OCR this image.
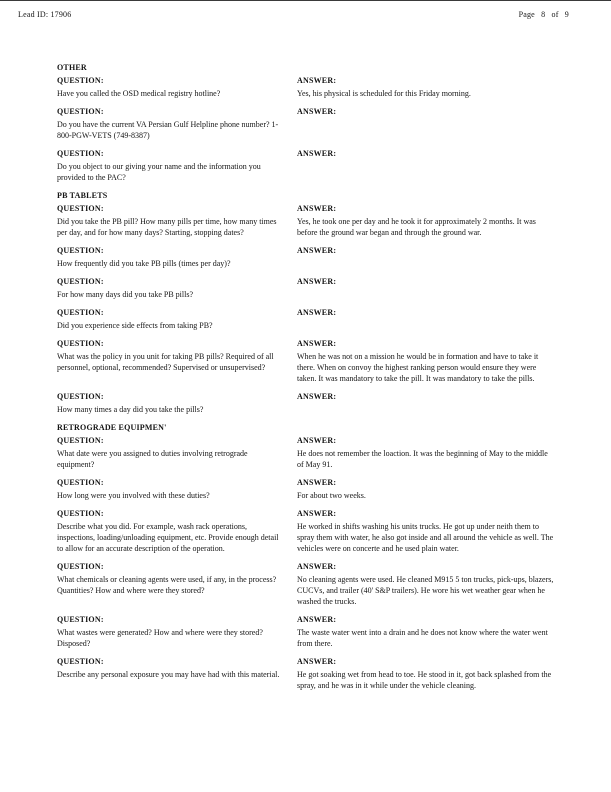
Lead ID: 17906	Page 8 of 9
OTHER
QUESTION:
Have you called the OSD medical registry hotline?
ANSWER:
Yes, his physical is scheduled for this Friday morning.
QUESTION:
Do you have the current VA Persian Gulf Helpline phone number? 1-800-PGW-VETS (749-8387)
ANSWER:
QUESTION:
Do you object to our giving your name and the information you provided to the PAC?
ANSWER:
PB TABLETS
QUESTION:
Did you take the PB pill? How many pills per time, how many times per day, and for how many days? Starting, stopping dates?
ANSWER:
Yes, he took one per day and he took it for approximately 2 months. It was before the ground war began and through the ground war.
QUESTION:
How frequently did you take PB pills (times per day)?
ANSWER:
QUESTION:
For how many days did you take PB pills?
ANSWER:
QUESTION:
Did you experience side effects from taking PB?
ANSWER:
QUESTION:
What was the policy in you unit for taking PB pills? Required of all personnel, optional, recommended? Supervised or unsupervised?
ANSWER:
When he was not on a mission he would be in formation and have to take it there. When on convoy the highest ranking person would ensure they were taken. It was mandatory to take the pill. It was mandatory to take the pills.
QUESTION:
How many times a day did you take the pills?
ANSWER:
RETROGRADE EQUIPMEN'
QUESTION:
What date were you assigned to duties involving retrograde equipment?
ANSWER:
He does not remember the loaction. It was the beginning of May to the middle of May 91.
QUESTION:
How long were you involved with these duties?
ANSWER:
For about two weeks.
QUESTION:
Describe what you did. For example, wash rack operations, inspections, loading/unloading equipment, etc. Provide enough detail to allow for an accurate description of the operation.
ANSWER:
He worked in shifts washing his units trucks. He got up under neith them to spray them with water, he also got inside and all around the vehicle as well. The vehicles were on concerte and he used plain water.
QUESTION:
What chemicals or cleaning agents were used, if any, in the process? Quantities? How and where were they stored?
ANSWER:
No cleaning agents were used. He cleaned M915 5 ton trucks, pick-ups, blazers, CUCVs, and trailer (40' S&P trailers). He wore his wet weather gear when he washed the trucks.
QUESTION:
What wastes were generated? How and where were they stored? Disposed?
ANSWER:
The waste water went into a drain and he does not know where the water went from there.
QUESTION:
Describe any personal exposure you may have had with this material.
ANSWER:
He got soaking wet from head to toe. He stood in it, got back splashed from the spray, and he was in it while under the vehicle cleaning.
